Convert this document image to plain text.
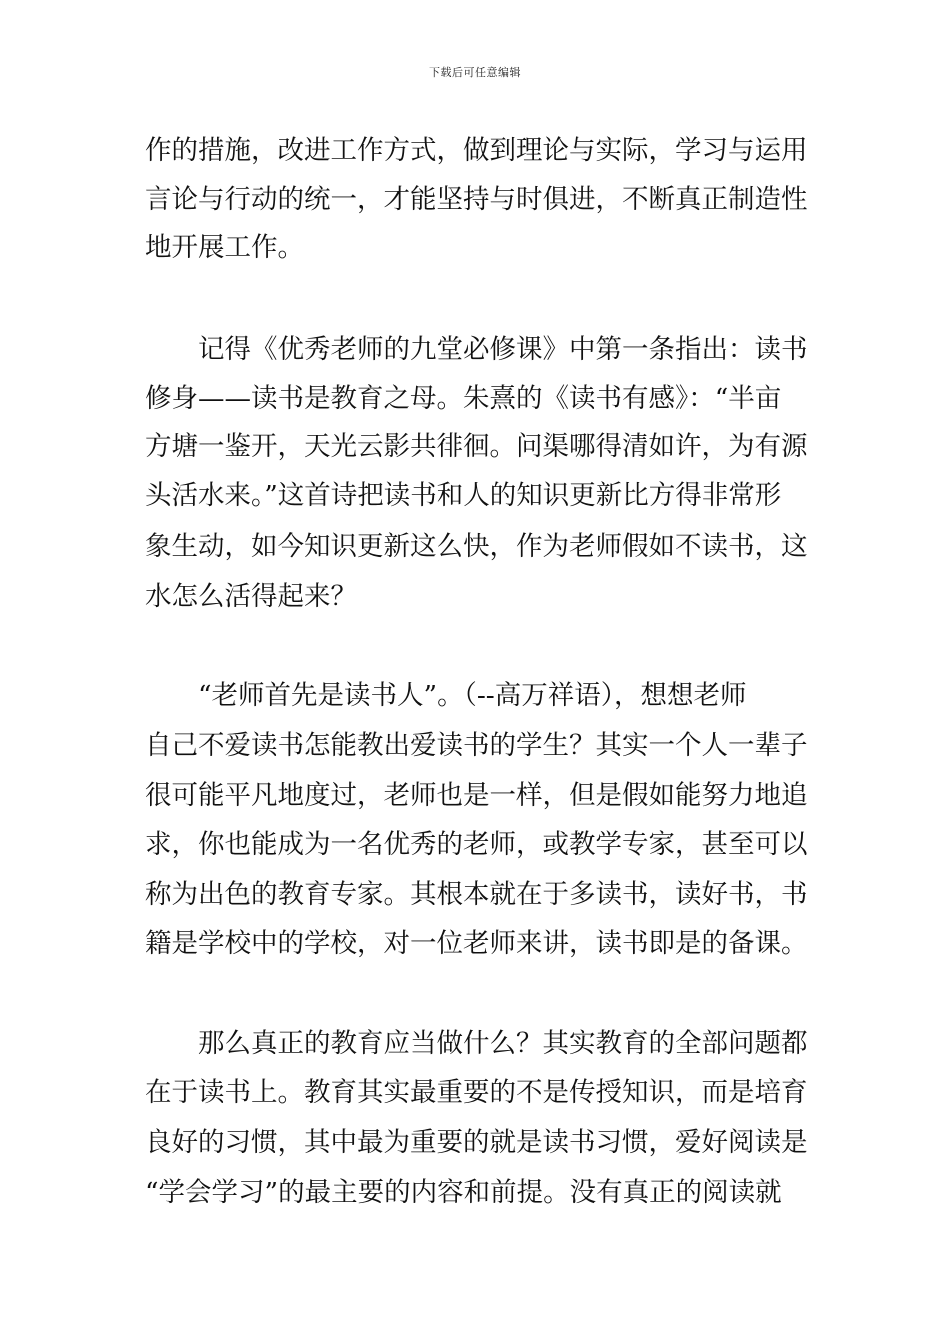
下载后可任意编辑
作的措施，改进工作方式，做到理论与实际，学习与运用
言论与行动的统一，才能坚持与时俱进，不断真正制造性
地开展工作。
记得《优秀老师的九堂必修课》中第一条指出：读书
修身——读书是教育之母。朱熹的《读书有感》：“半亩
方塘一鉴开，天光云影共徘徊。问渠哪得清如许，为有源
头活水来。”这首诗把读书和人的知识更新比方得非常形
象生动，如今知识更新这么快，作为老师假如不读书，这
水怎么活得起来？
“老师首先是读书人”。（--高万祥语），想想老师
自己不爱读书怎能教出爱读书的学生？其实一个人一辈子
很可能平凡地度过，老师也是一样，但是假如能努力地追
求，你也能成为一名优秀的老师，或教学专家，甚至可以
称为出色的教育专家。其根本就在于多读书，读好书，书
籍是学校中的学校，对一位老师来讲，读书即是的备课。
那么真正的教育应当做什么？其实教育的全部问题都
在于读书上。教育其实最重要的不是传授知识，而是培育
良好的习惯，其中最为重要的就是读书习惯，爱好阅读是
“学会学习”的最主要的内容和前提。没有真正的阅读就
